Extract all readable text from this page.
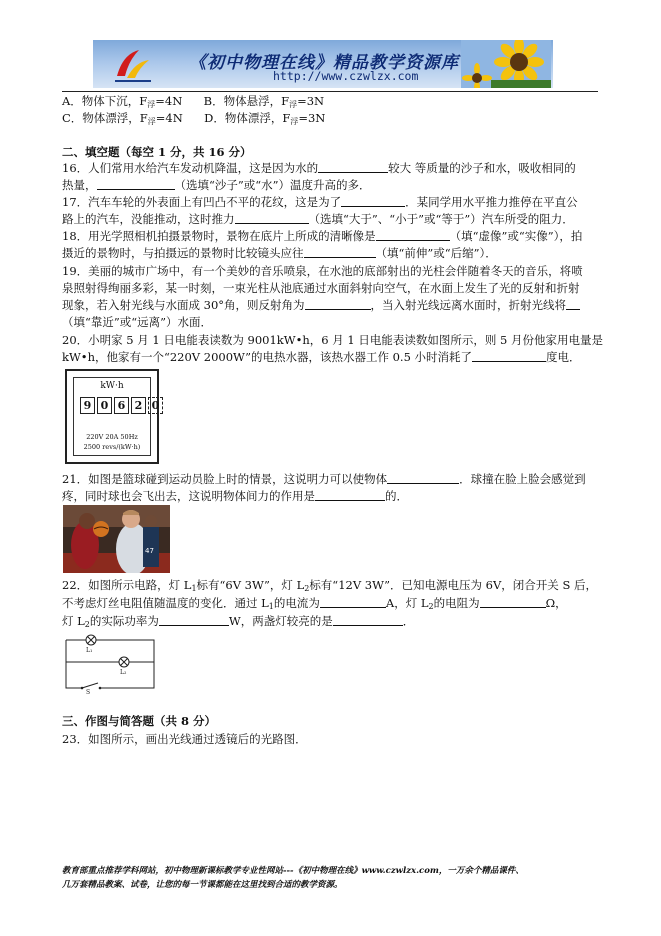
《初中物理在线》精品教学资源库
http://www.czwlzx.com
A．物体下沉，$F_浮=4N$ B．物体悬浮，$F_浮=3N$
C．物体漂浮，$F_浮=4N$ D．物体漂浮，$F_浮=3N$
二、填空题（每空 1 分，共 16 分）
16．人们常用水给汽车发动机降温，这是因为水的	较大 等质量的沙子和水，吸收相同的
热量，	（选填“沙子”或“水”）温度升高的多．
17．汽车车轮的外表面上有凹凸不平的花纹，这是为了	．某同学用水平推力推停在平直公
路上的汽车，没能推动，这时推力	（选填“大于”、“小于”或“等于”）汽车所受的阻力．
18．用光学照相机拍摄景物时，景物在底片上所成的清晰像是	（填“虚像”或“实像”），拍
摄近的景物时，与拍摄远的景物时比较镜头应往	（填“前伸”或“后缩”）．
19．美丽的城市广场中，有一个美妙的音乐喷泉，在水池的底部射出的光柱会伴随着冬天的音乐，将喷
泉照射得绚丽多彩，某一时刻，一束光柱从池底通过水面斜射向空气，在水面上发生了光的反射和折射
现象，若入射光线与水面成 30°角，则反射角为	，当入射光线远离水面时，折射光线将
（填“靠近”或“远离”）水面．
20．小明家 5 月 1 日电能表读数为 9001kW•h，6 月 1 日电能表读数如图所示，则 5 月份他家用电量是
kW•h，他家有一个“220V 2000W”的电热水器，该热水器工作 0.5 小时消耗了	度电．
kW·h
9 0 6 2 0
220V 20A 50Hz
2500 revs/(kW·h)
21．如图是篮球碰到运动员脸上时的情景，这说明力可以使物体	．球撞在脸上脸会感觉到
疼，同时球也会飞出去，这说明物体间力的作用是	的．
47
22．如图所示电路，灯 $L_1$标有“6V 3W”，灯 $L_2$标有“12V 3W”．已知电源电压为 6V，闭合开关 S 后，
不考虑灯丝电阻值随温度的变化．通过 $L_1$的电流为	A，灯 $L_2$的电阻为	Ω，
灯 $L_2$的实际功率为	W，两盏灯较亮的是	．
L₁
L₂
S
三、作图与简答题（共 8 分）
23．如图所示，画出光线通过透镜后的光路图．
教育部重点推荐学科网站，初中物理新课标教学专业性网站---《初中物理在线》www.czwlzx.com，一万余个精品课件、
几万套精品教案、试卷，让您的每一节课都能在这里找到合适的教学资源。
